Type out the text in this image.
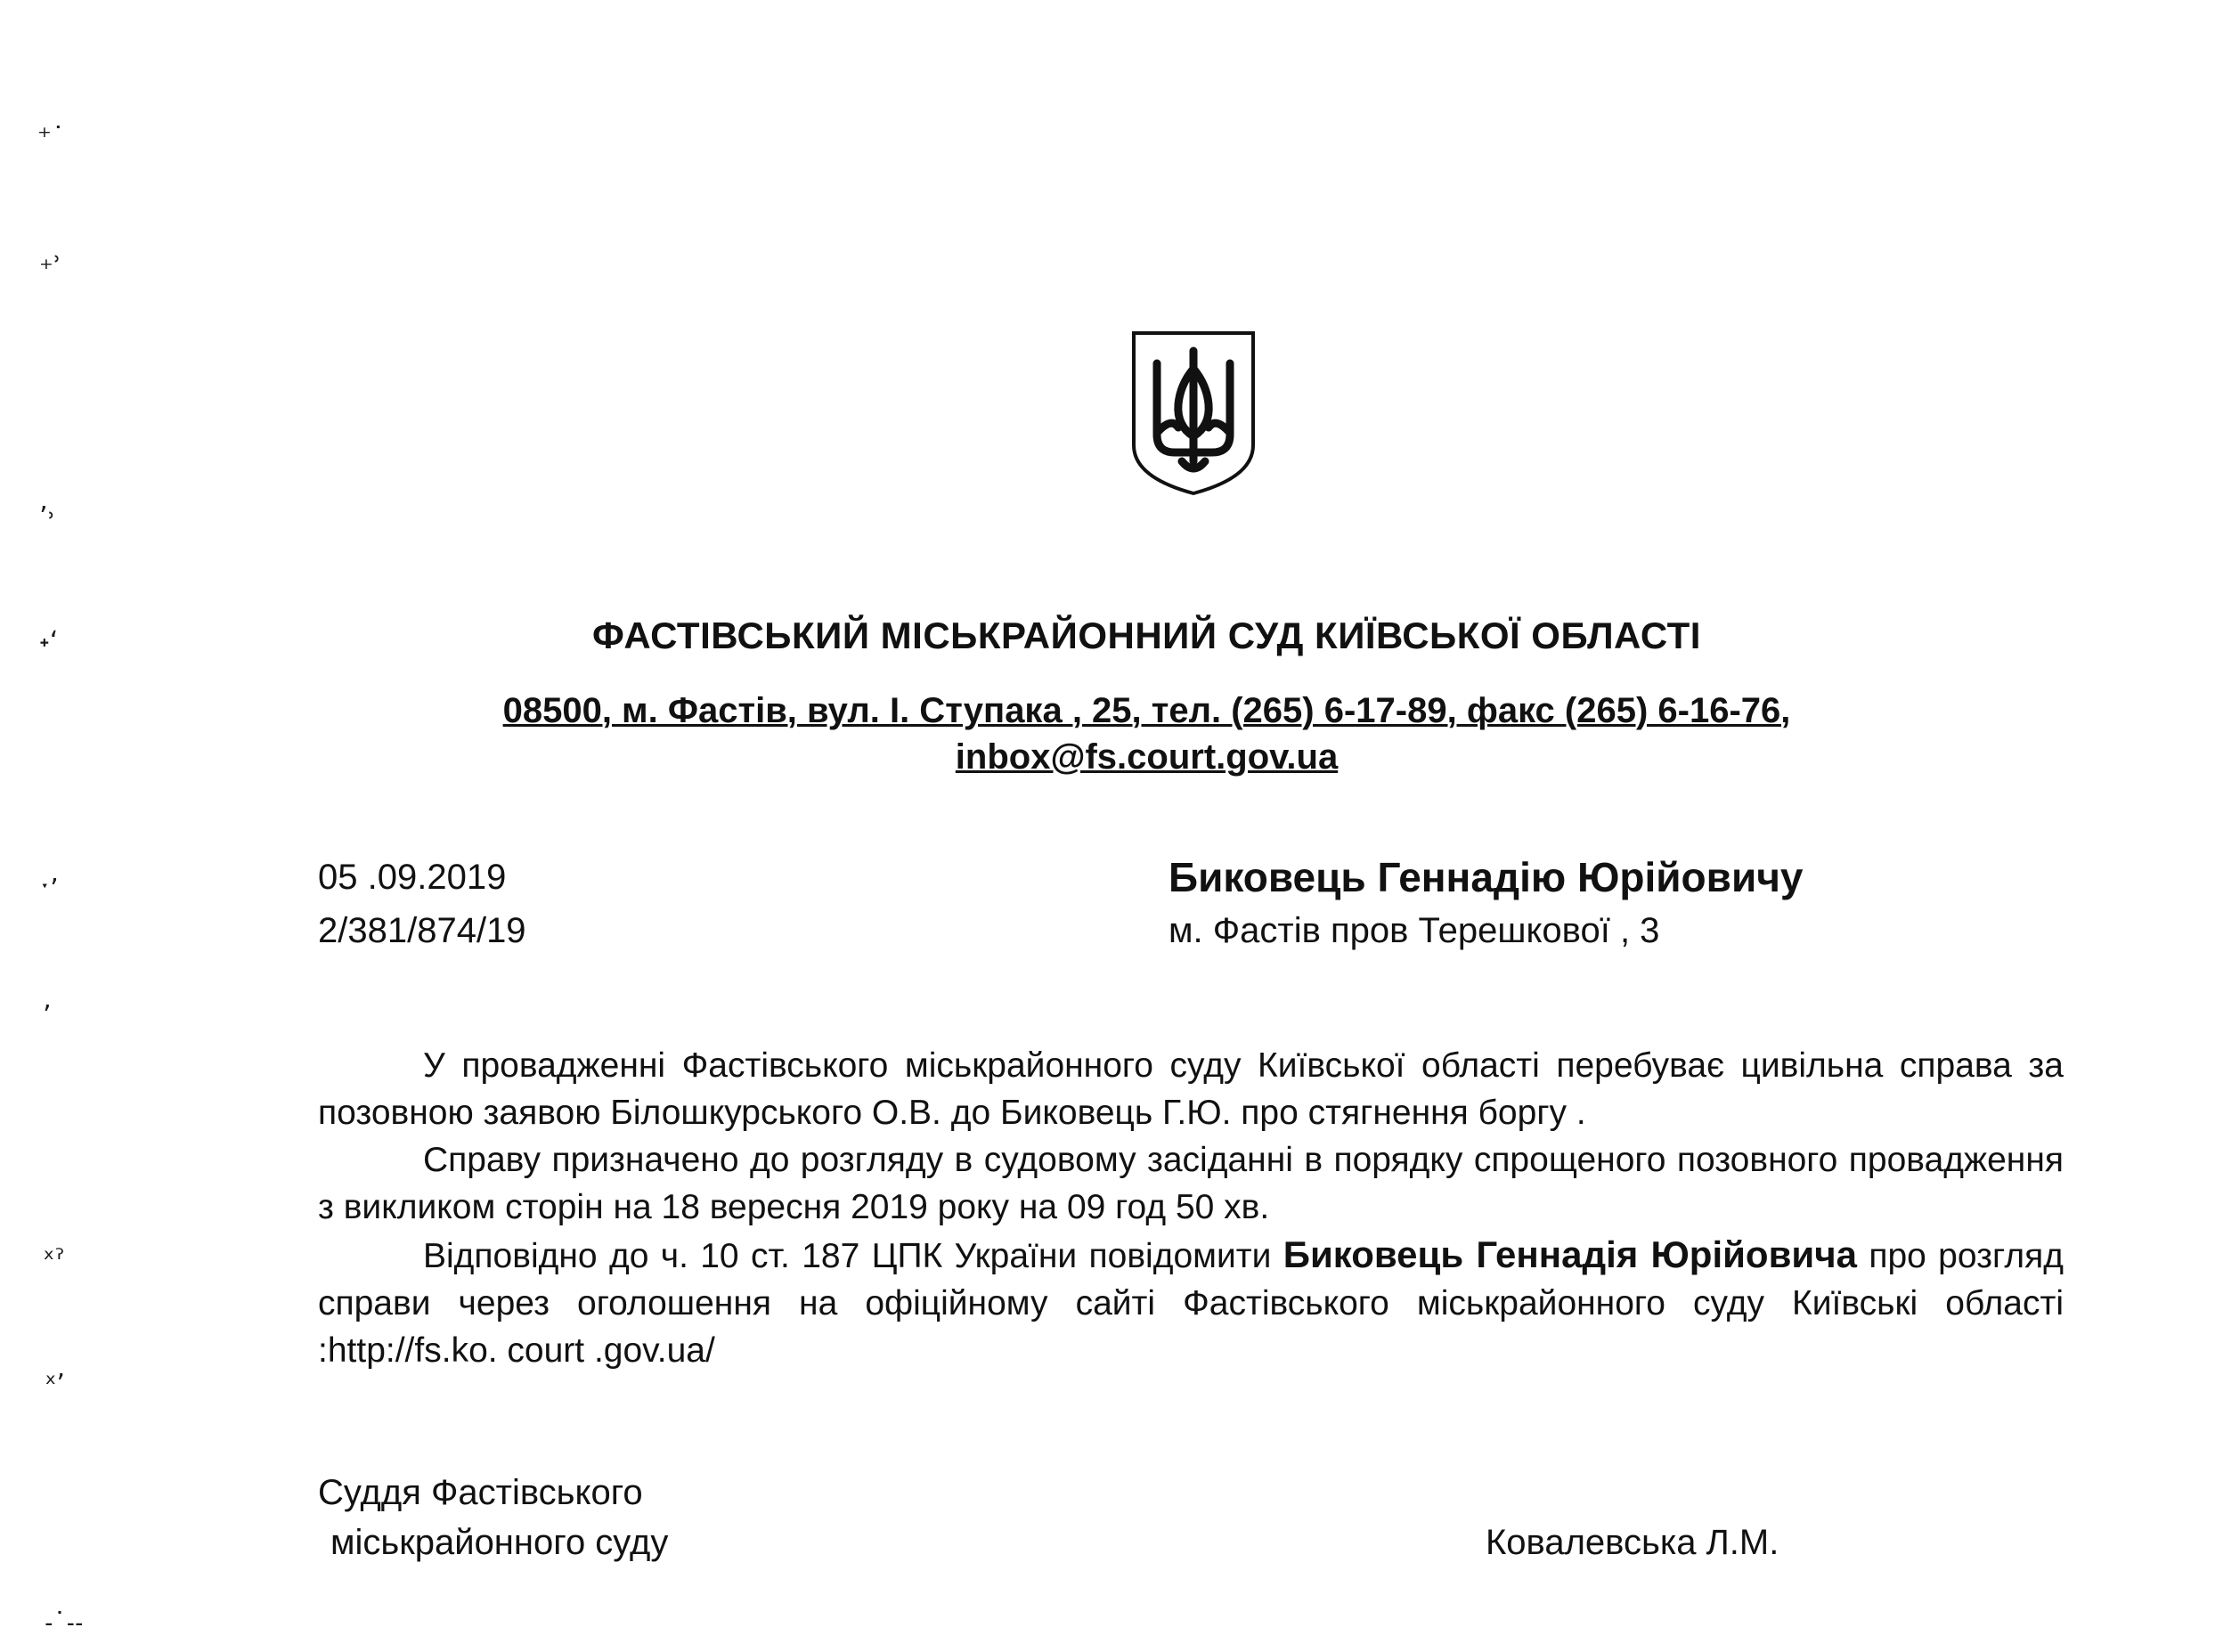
⁺˙
₊˒
ʼ˒
˖ʻ
ˑʼ
ʼ
ˣˀ
ˣʼ
˗˙˗˗
ФАСТІВСЬКИЙ МІСЬКРАЙОННИЙ СУД КИЇВСЬКОЇ ОБЛАСТІ
08500, м. Фастів, вул. І. Ступака , 25, тел. (265) 6-17-89, факс (265) 6-16-76,
inbox@fs.court.gov.ua
05 .09.2019
2/381/874/19
Биковець Геннадію Юрійовичу
м. Фастів пров Терешкової , 3

У провадженні Фастівського міськрайонного суду Київської області перебуває цивільна справа за позовною заявою Білошкурського О.В. до Биковець Г.Ю. про стягнення боргу .

Справу призначено до розгляду в судовому засіданні в порядку спрощеного позовного провадження з викликом сторін на 18 вересня 2019 року на 09 год 50 хв.

Відповідно до ч. 10 ст. 187 ЦПК України повідомити Биковець Геннадія Юрійовича про розгляд справи через оголошення на офіційному сайті Фастівського міськрайонного суду Київські області :http://fs.ko. court .gov.ua/

Суддя Фастівського
міськрайонного суду	Ковалевська Л.М.
